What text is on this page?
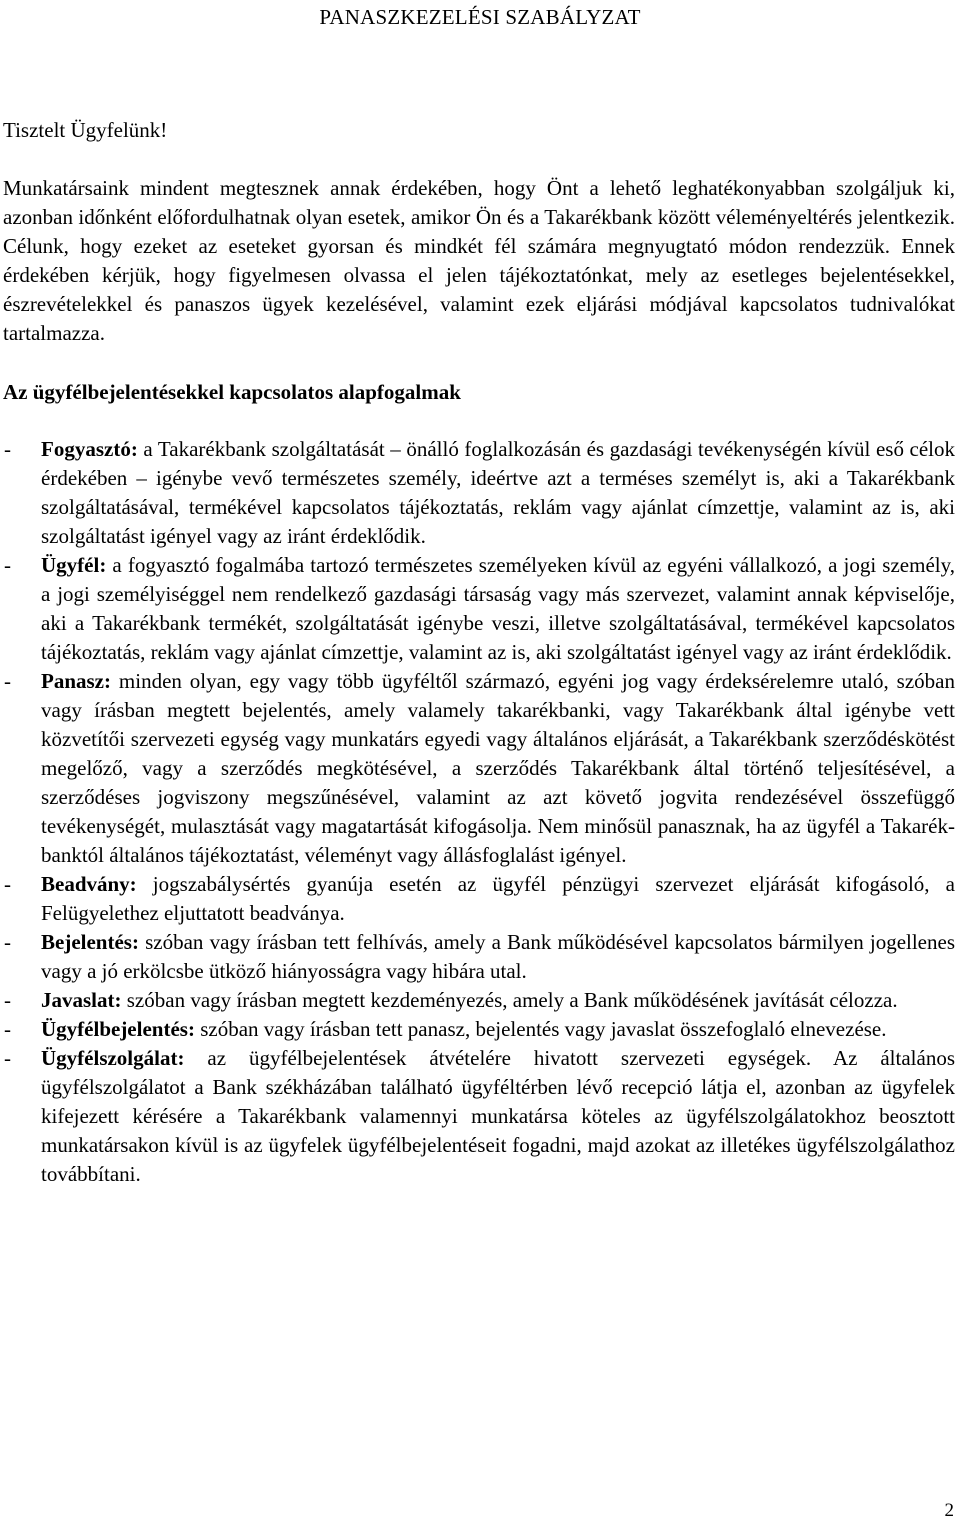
PANASZKEZELÉSI SZABÁLYZAT

Tisztelt Ügyfelünk!

Munkatársaink mindent megtesznek annak érdekében, hogy Önt a lehető leghatékonyabban szolgáljuk ki, azonban időnként előfordulhatnak olyan esetek, amikor Ön és a Takarékbank között véleményeltérés jelentkezik. Célunk, hogy ezeket az eseteket gyorsan és mindkét fél számára megnyugtató módon rendezzük. Ennek érdekében kérjük, hogy figyelmesen olvassa el jelen tájékoztatónkat, mely az esetleges bejelentésekkel, észrevételekkel és panaszos ügyek kezelésével, valamint ezek eljárási módjával kapcsolatos tudnivalókat tartalmazza.

Az ügyfélbejelentésekkel kapcsolatos alapfogalmak
-	Fogyasztó: a Takarékbank szolgáltatását – önálló foglalkozásán és gazdasági tevékenységén kívül eső célok érdekében – igénybe vevő természetes személy, ideértve azt a terméses személyt is, aki a Takarékbank szolgáltatásával, termékével kapcsolatos tájékoztatás, reklám vagy ajánlat címzettje, valamint az is, aki szolgáltatást igényel vagy az iránt érdeklődik.
-	Ügyfél: a fogyasztó fogalmába tartozó természetes személyeken kívül az egyéni vállalkozó, a jogi személy, a jogi személyiséggel nem rendelkező gazdasági társaság vagy más szervezet, valamint annak képviselője, aki a Takarékbank termékét, szolgáltatását igénybe veszi, illetve szolgáltatásával, termékével kapcsolatos tájékoztatás, reklám vagy ajánlat címzettje, valamint az is, aki szolgáltatást igényel vagy az iránt érdeklődik.
-	Panasz: minden olyan, egy vagy több ügyféltől származó, egyéni jog vagy érdeksérelemre utaló, szóban vagy írásban megtett bejelentés, amely valamely takarékbanki, vagy Takarékbank által igénybe vett közvetítői szervezeti egység vagy munkatárs egyedi vagy általános eljárását, a Takarékbank szerződéskötést megelőző, vagy a szerződés megkötésével, a szerződés Takarékbank által történő teljesítésével, a szerződéses jogviszony megszűnésével, valamint az azt követő jogvita rendezésével összefüggő tevékenységét, mulasztását vagy magatartását kifogásolja. Nem minősül panasznak, ha az ügyfél a Takarékbanktól általános tájékoztatást, véleményt vagy állásfoglalást igényel.
-	Beadvány: jogszabálysértés gyanúja esetén az ügyfél pénzügyi szervezet eljárását kifogásoló, a Felügyelethez eljuttatott beadványa.
-	Bejelentés: szóban vagy írásban tett felhívás, amely a Bank működésével kapcsolatos bármilyen jogellenes vagy a jó erkölcsbe ütköző hiányosságra vagy hibára utal.
-	Javaslat: szóban vagy írásban megtett kezdeményezés, amely a Bank működésének javítását célozza.
-	Ügyfélbejelentés: szóban vagy írásban tett panasz, bejelentés vagy javaslat összefoglaló elnevezése.
-	Ügyfélszolgálat: az ügyfélbejelentések átvételére hivatott szervezeti egységek. Az általános ügyfélszolgálatot a Bank székházában található ügyféltérben lévő recepció látja el, azonban az ügyfelek kifejezett kérésére a Takarékbank valamennyi munkatársa köteles az ügyfélszolgálatokhoz beosztott munkatársakon kívül is az ügyfelek ügyfélbejelentéseit fogadni, majd azokat az illetékes ügyfélszolgálathoz továbbítani.
2
